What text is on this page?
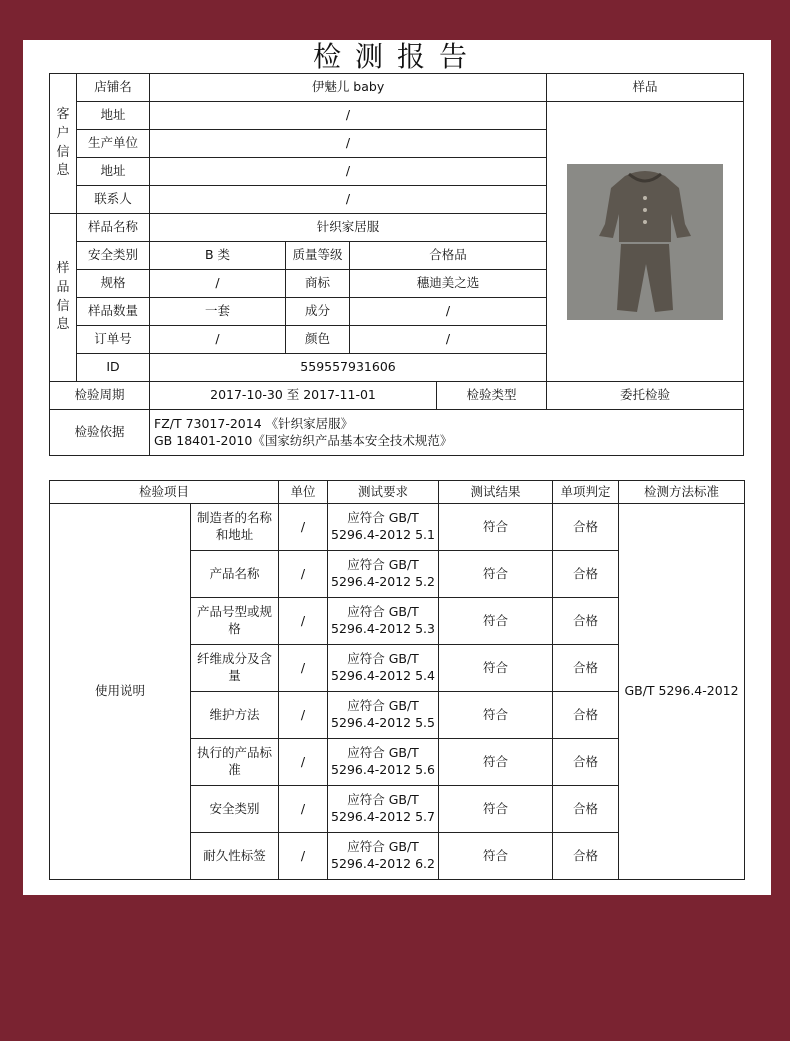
检测报告
客
户
信
息	店铺名	伊魅儿 baby				样品
	地址	/	

	生产单位	/				
	地址	/				
	联系人	/				
样
品
信
息	样品名称	针织家居服				
	安全类别	B 类	质量等级	合格品		
	规格	/	商标	穗迪美之选		
	样品数量	一套	成分	/		
	订单号	/	颜色	/		
	ID	559557931606				
检验周期		2017-10-30 至 2017-11-01			检验类型	委托检验
检验依据		FZ/T 73017-2014 《针织家居服》
GB 18401-2010《国家纺织产品基本安全技术规范》				
检验项目		单位	测试要求	测试结果	单项判定	检测方法标准
使用说明	制造者的名称和地址	/	应符合 GB/T
5296.4-2012 5.1	符合	合格	GB/T 5296.4-2012
	产品名称	/	应符合 GB/T
5296.4-2012 5.2	符合	合格	
	产品号型或规格	/	应符合 GB/T
5296.4-2012 5.3	符合	合格	
	纤维成分及含量	/	应符合 GB/T
5296.4-2012 5.4	符合	合格	
	维护方法	/	应符合 GB/T
5296.4-2012 5.5	符合	合格	
	执行的产品标准	/	应符合 GB/T
5296.4-2012 5.6	符合	合格	
	安全类别	/	应符合 GB/T
5296.4-2012 5.7	符合	合格	
	耐久性标签	/	应符合 GB/T
5296.4-2012 6.2	符合	合格	
